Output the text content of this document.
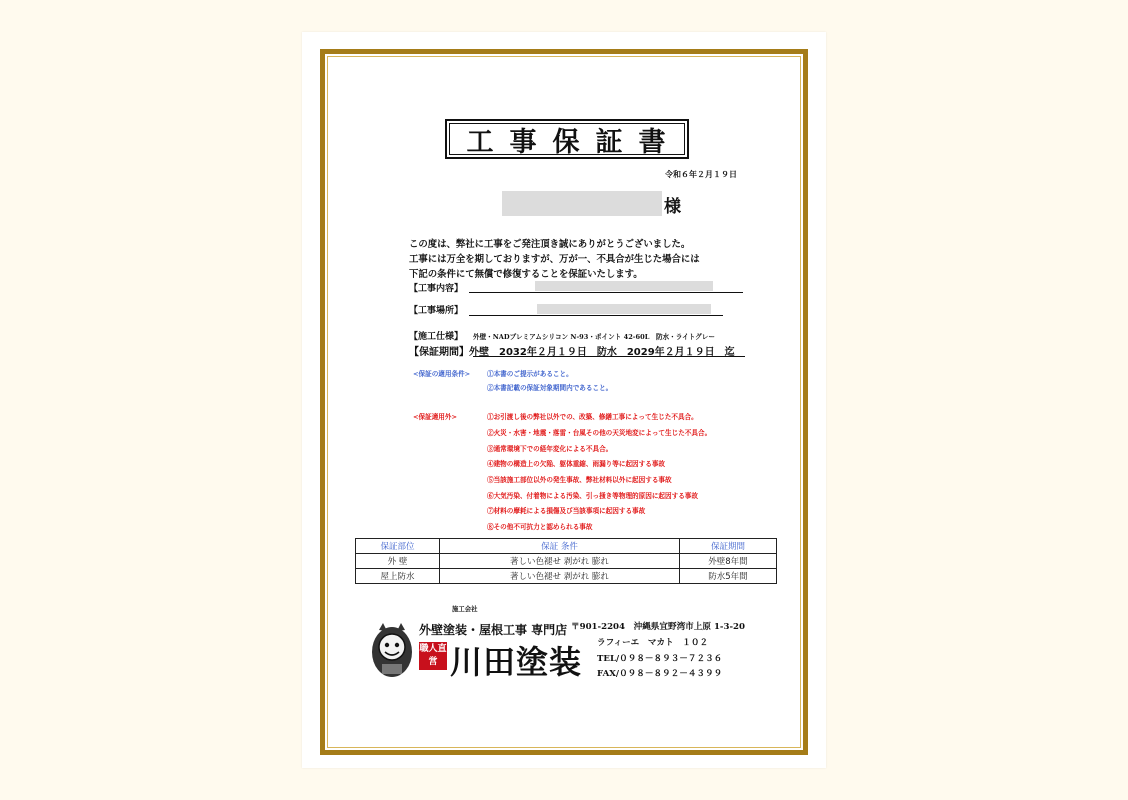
工事保証書
令和６年２月１９日
様
この度は、弊社に工事をご発注頂き誠にありがとうございました。
工事には万全を期しておりますが、万が一、不具合が生じた場合には
下記の条件にて無償で修復することを保証いたします。
【工事内容】
【工事場所】
【施工仕様】 外壁・NADプレミアムシリコン N-93・ポイント 42-60L　防水・ライトグレー
【保証期間】外壁　2032年２月１９日　防水　2029年２月１９日　迄
<保証の適用条件>	①本書のご提示があること。
②本書記載の保証対象期間内であること。
<保証適用外>	①お引渡し後の弊社以外での、改築、修繕工事によって生じた不具合。
②火災・水害・地震・落雷・台風その他の天災地変によって生じた不具合。
③通常環境下での経年変化による不具合。
④建物の構造上の欠陥、躯体重縮、雨漏り等に起因する事故
⑤当該施工部位以外の発生事故、弊社材料以外に起因する事故
⑥大気汚染、付着物による汚染、引っ掻き等物理的原因に起因する事故
⑦材料の摩耗による損傷及び当該事項に起因する事故
⑧その他不可抗力と認められる事故
保証部位	保証 条件	保証期間
外 壁	著しい色褪せ 剥がれ 膨れ	外壁8年間
屋上防水	著しい色褪せ 剥がれ 膨れ	防水5年間
施工会社
外壁塗装・屋根工事 専門店
職人直営 川田塗装
〒901-2204　沖縄県宜野湾市上原 1-3-20
ラフィーエ　マカト　１０２
TEL/０９８－８９３－７２３６
FAX/０９８－８９２－４３９９
